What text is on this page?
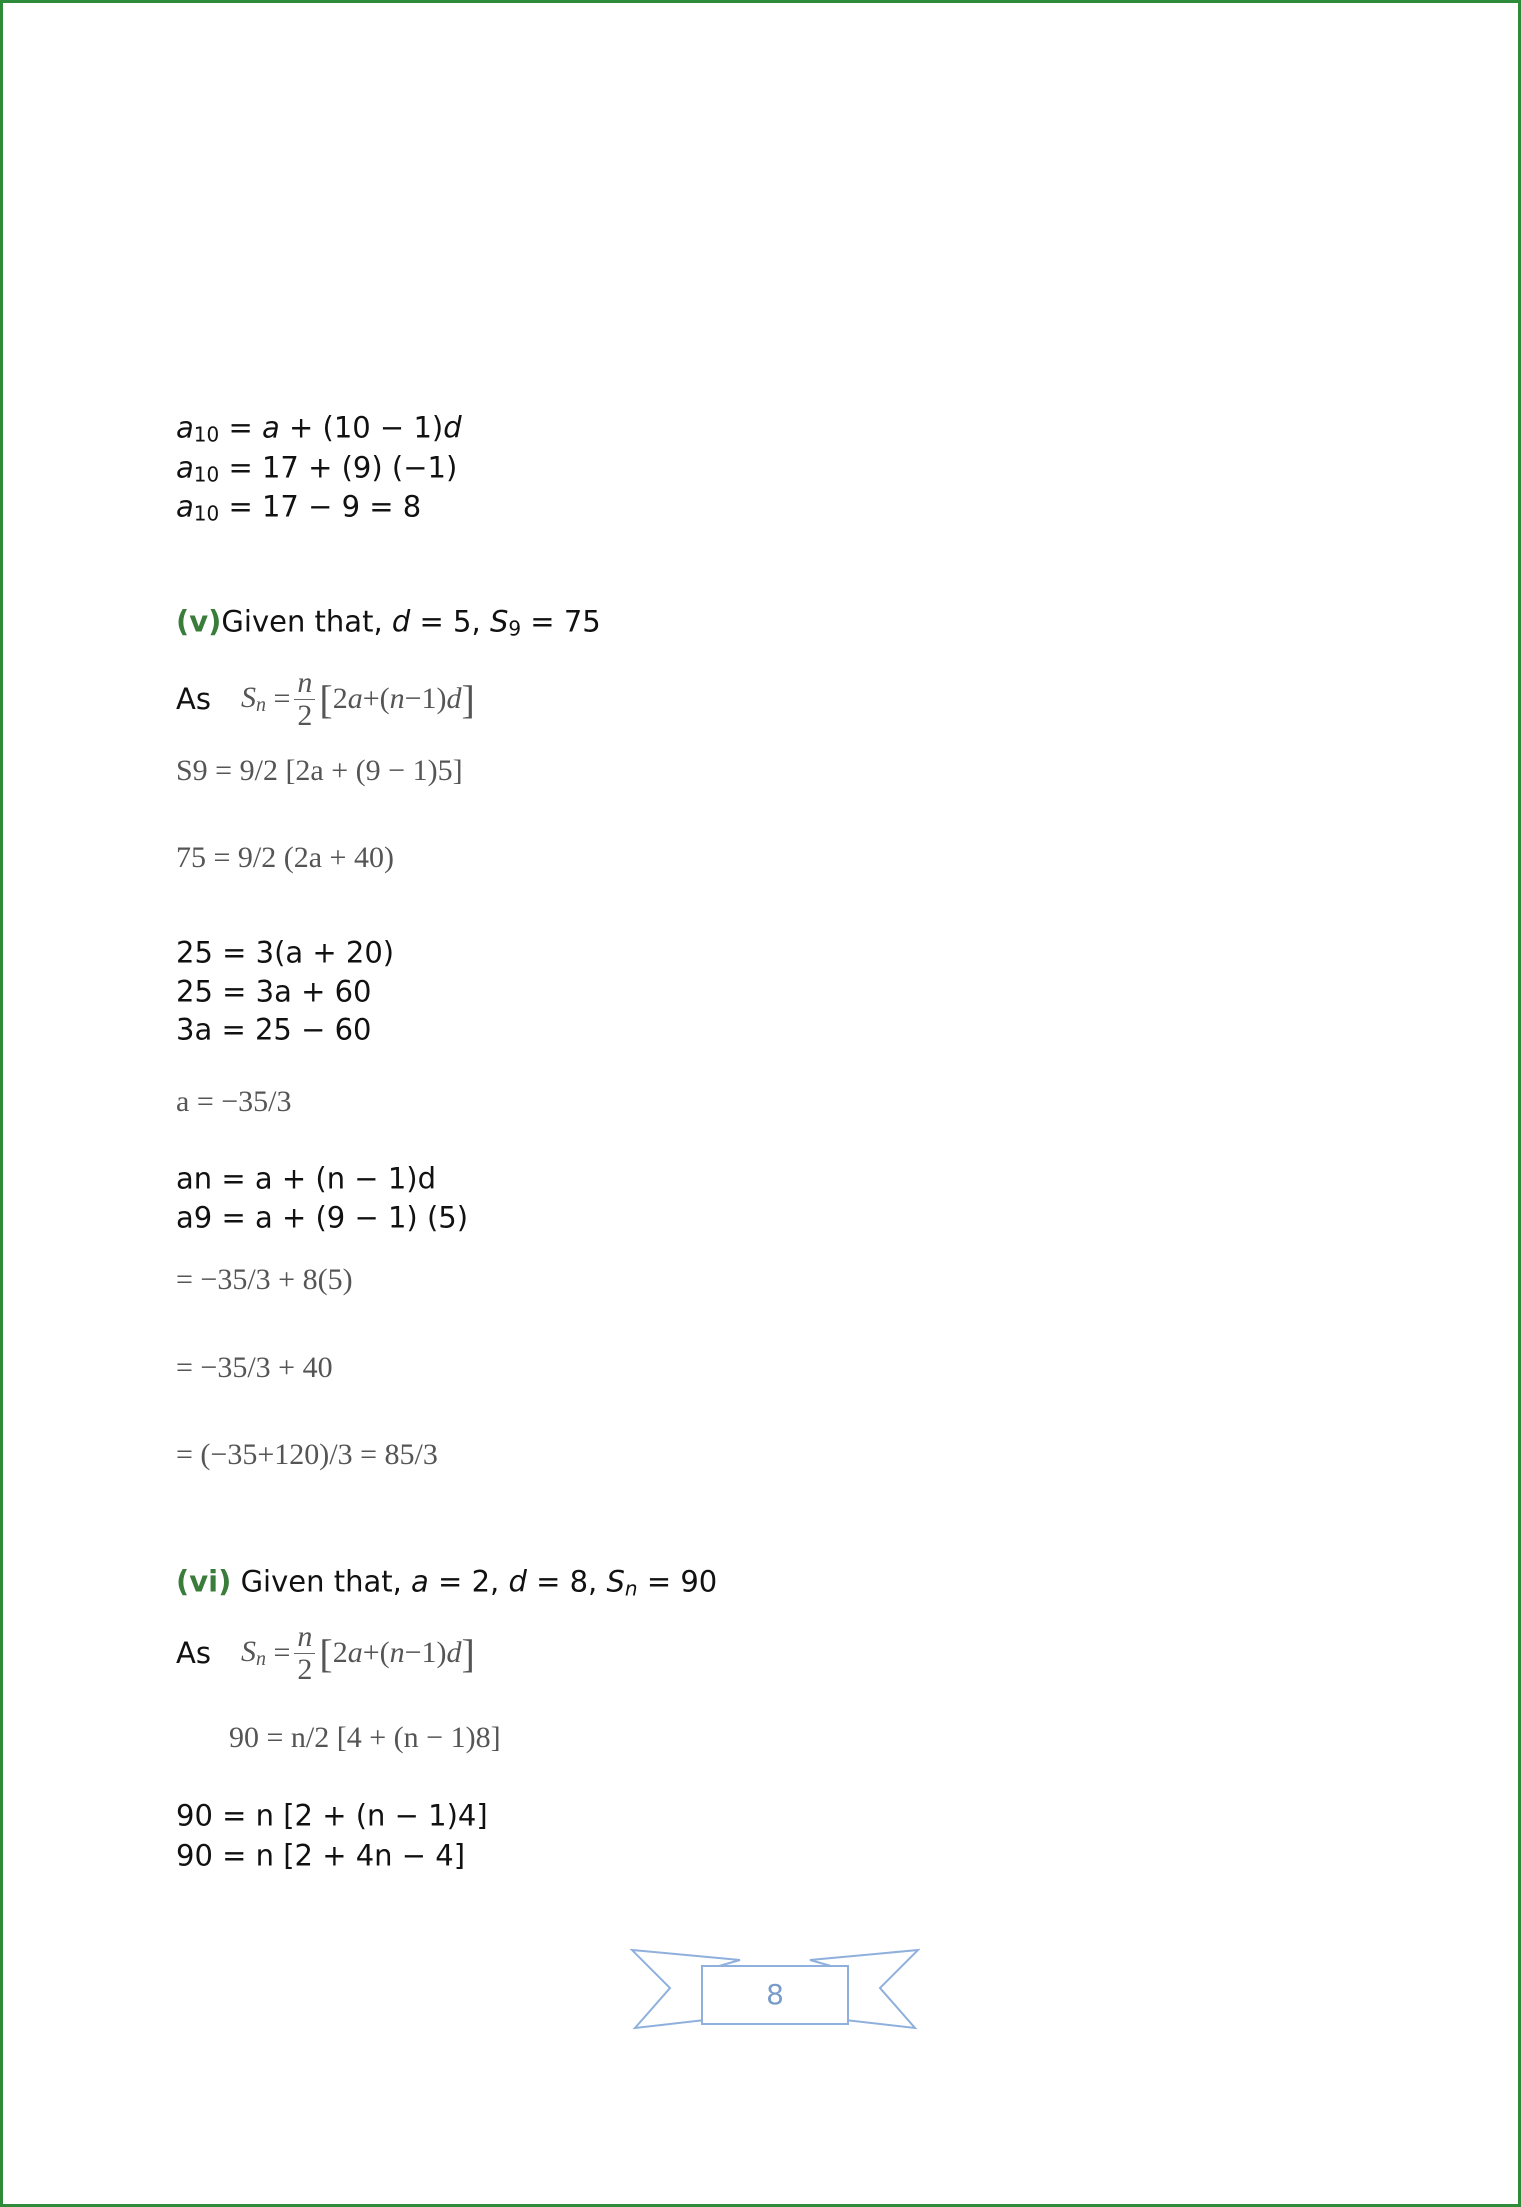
$a_{10} = a + (10 - 1)d$
$a_{10} = 17 + (9)$ (−1)
$a_{10} = 17 - 9 = 8$
(v)Given that, d = 5, $S_9 = 75$
As $S_n = n$
2 [ 2 a +( n −1) d ]
S9 = 9/2 [2a + (9 − 1)5]
75 = 9/2 (2a + 40)
25 = 3(a + 20)
25 = 3a + 60
3a = 25 − 60
a = −35/3
an = a + (n − 1)d
a9 = a + (9 − 1) (5)
= −35/3 + 8(5)
= −35/3 + 40
= (−35+120)/3 = 85/3
(vi) Given that, a = 2, d = 8, $S_n = 90$
As $S_n = n$
2 [ 2 a +( n −1) d ]
90 = n/2 [4 + (n − 1)8]
90 = n [2 + (n − 1)4]
90 = n [2 + 4n − 4]
8
